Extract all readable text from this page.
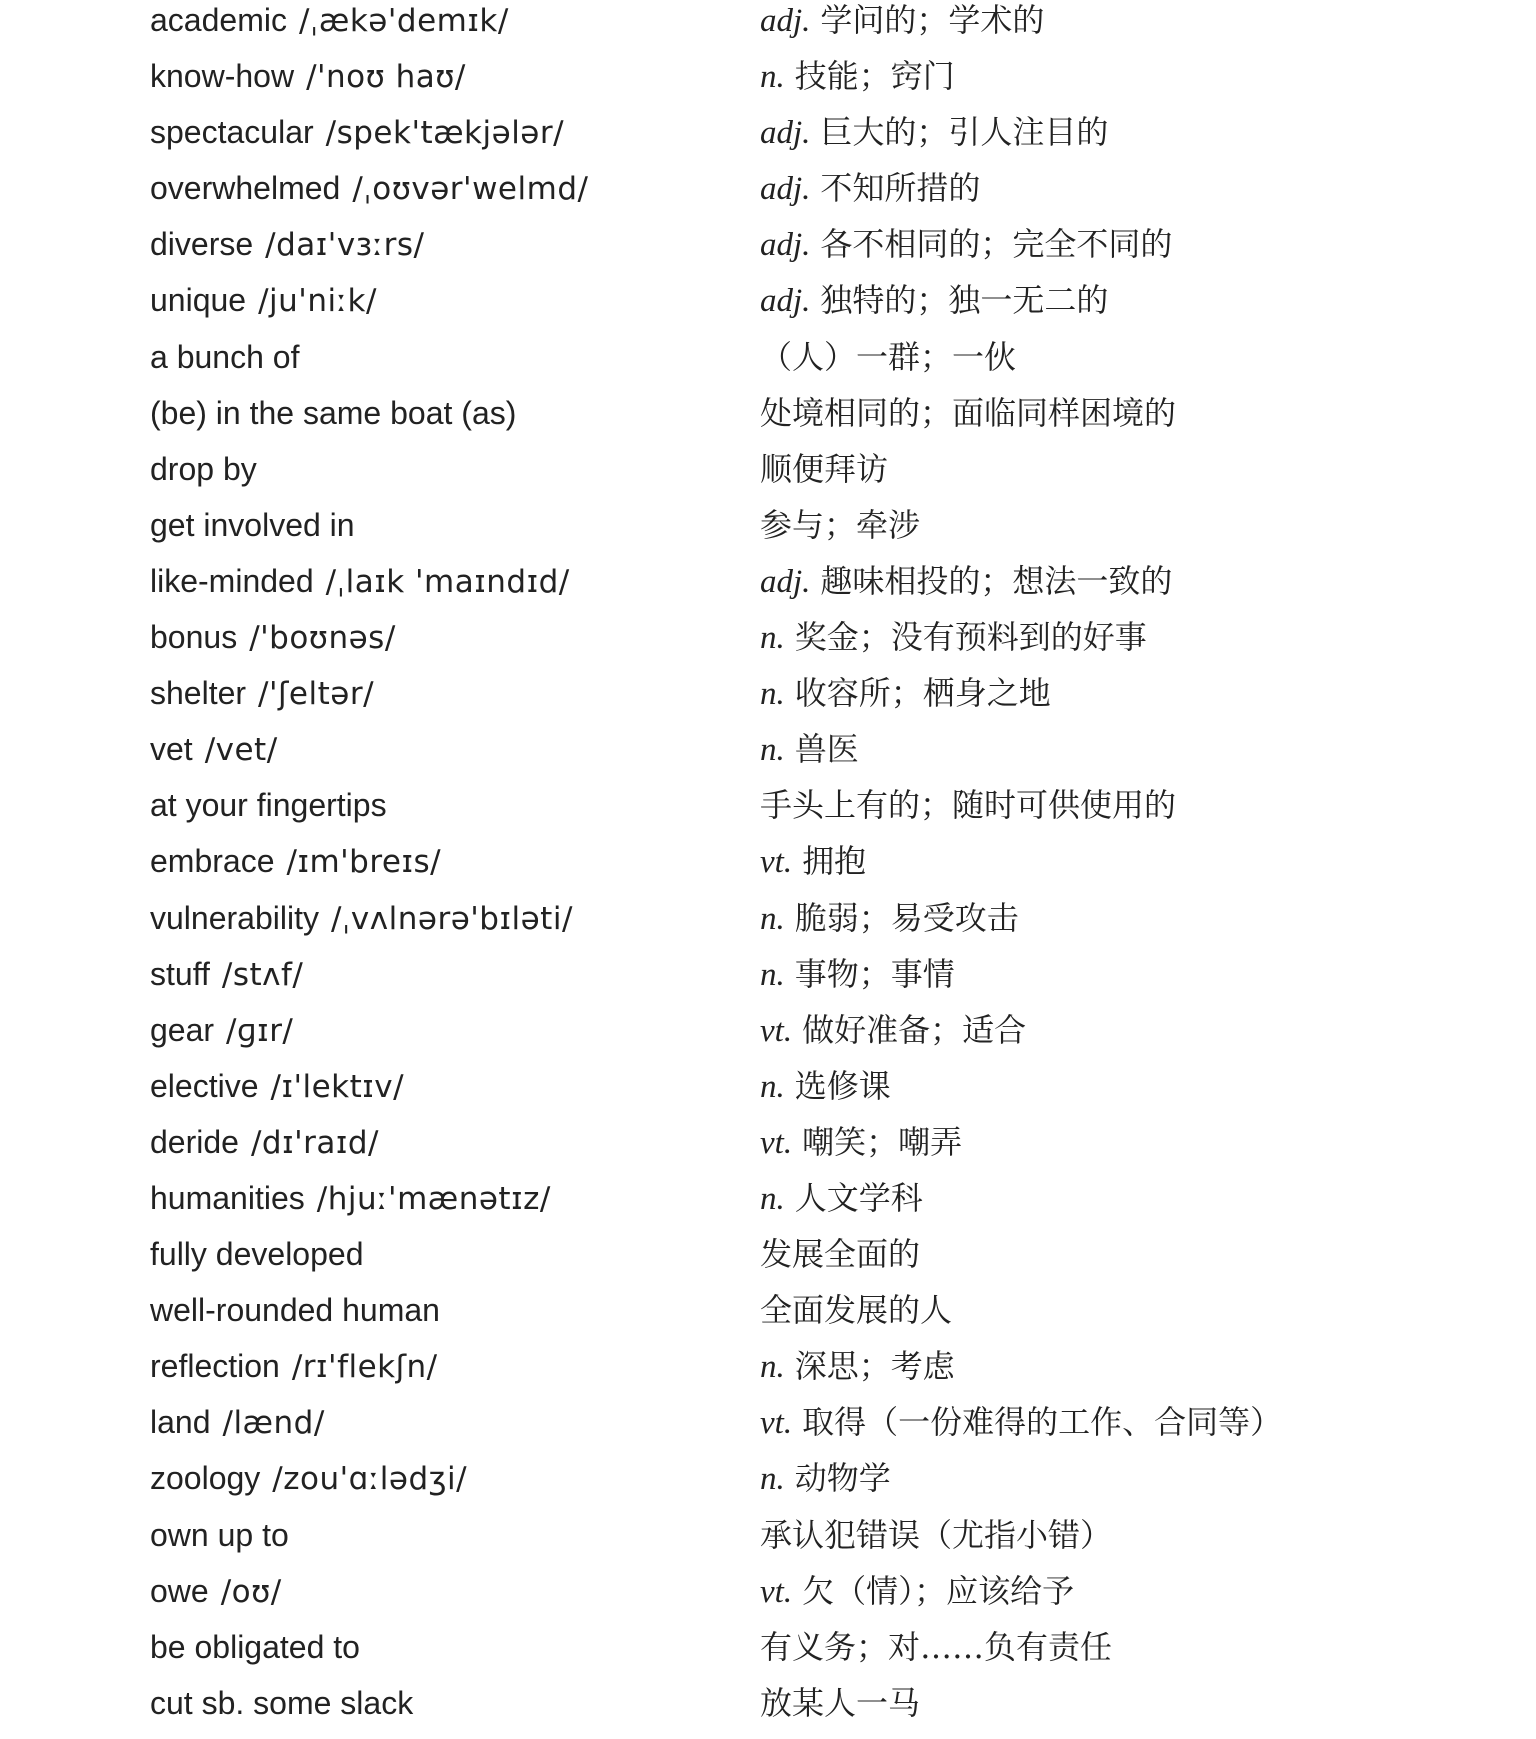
academic /ˌækə'demɪk/	adj. 学问的；学术的
know-how /'noʊ haʊ/	n. 技能；窍门
spectacular /spek'tækjələr/	adj. 巨大的；引人注目的
overwhelmed /ˌoʊvər'welmd/	adj. 不知所措的
diverse /daɪ'vɜːrs/	adj. 各不相同的；完全不同的
unique /ju'niːk/	adj. 独特的；独一无二的
a bunch of	（人）一群；一伙
(be) in the same boat (as)	处境相同的；面临同样困境的
drop by	顺便拜访
get involved in	参与；牵涉
like-minded /ˌlaɪk 'maɪndɪd/	adj. 趣味相投的；想法一致的
bonus /'boʊnəs/	n. 奖金；没有预料到的好事
shelter /'ʃeltər/	n. 收容所；栖身之地
vet /vet/	n. 兽医
at your fingertips	手头上有的；随时可供使用的
embrace /ɪm'breɪs/	vt. 拥抱
vulnerability /ˌvʌlnərə'bɪləti/	n. 脆弱；易受攻击
stuff /stʌf/	n. 事物；事情
gear /ɡɪr/	vt. 做好准备；适合
elective /ɪ'lektɪv/	n. 选修课
deride /dɪ'raɪd/	vt. 嘲笑；嘲弄
humanities /hjuː'mænətɪz/	n. 人文学科
fully developed	发展全面的
well-rounded human	全面发展的人
reflection /rɪ'flekʃn/	n. 深思；考虑
land /lænd/	vt. 取得（一份难得的工作、合同等）
zoology /zou'ɑːlədʒi/	n. 动物学
own up to	承认犯错误（尤指小错）
owe /oʊ/	vt. 欠（情）；应该给予
be obligated to	有义务；对……负有责任
cut sb. some slack	放某人一马
